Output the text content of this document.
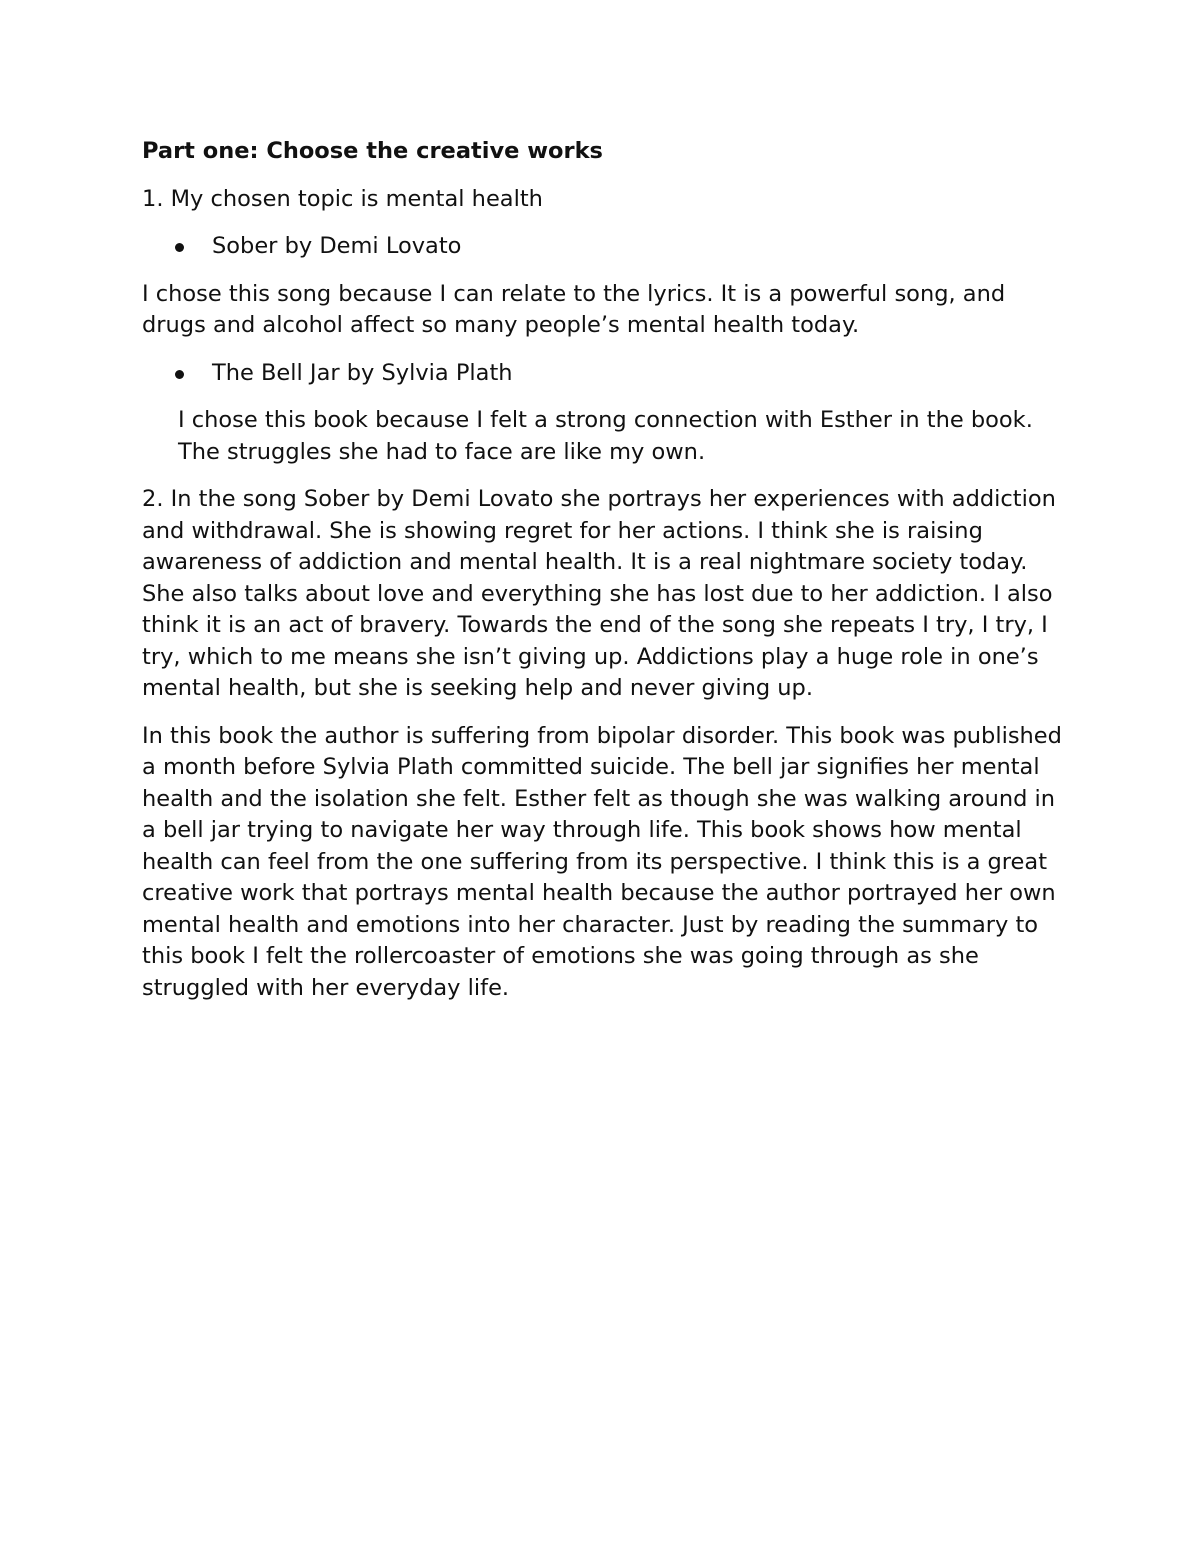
Part one: Choose the creative works

1. My chosen topic is mental health

Sober by Demi Lovato

I chose this song because I can relate to the lyrics. It is a powerful song, and drugs and alcohol affect so many people’s mental health today.

The Bell Jar by Sylvia Plath

I chose this book because I felt a strong connection with Esther in the book. The struggles she had to face are like my own.

2. In the song Sober by Demi Lovato she portrays her experiences with addiction and withdrawal. She is showing regret for her actions. I think she is raising awareness of addiction and mental health. It is a real nightmare society today. She also talks about love and everything she has lost due to her addiction. I also think it is an act of bravery. Towards the end of the song she repeats I try, I try, I try, which to me means she isn’t giving up. Addictions play a huge role in one’s mental health, but she is seeking help and never giving up.

In this book the author is suffering from bipolar disorder. This book was published a month before Sylvia Plath committed suicide. The bell jar signifies her mental health and the isolation she felt. Esther felt as though she was walking around in a bell jar trying to navigate her way through life. This book shows how mental health can feel from the one suffering from its perspective. I think this is a great creative work that portrays mental health because the author portrayed her own mental health and emotions into her character. Just by reading the summary to this book I felt the rollercoaster of emotions she was going through as she struggled with her everyday life.
